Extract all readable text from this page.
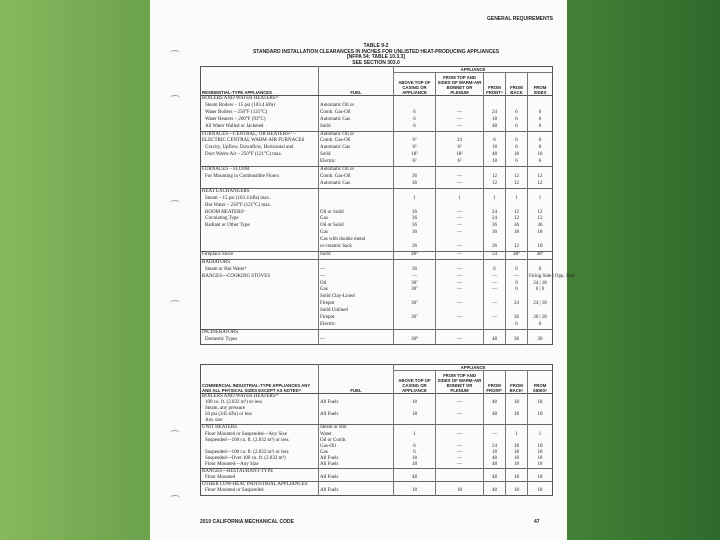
GENERAL REQUIREMENTS
TABLE 9-2
STANDARD INSTALLATION CLEARANCES IN INCHES FOR UNLISTED HEAT-PRODUCING APPLIANCES
[NFPA 54: TABLE 10.3.3]
SEE SECTION 303.0
RESIDENTIAL-TYPE APPLIANCES		APPLIANCE				
	FUEL	ABOVE TOP OF CASING OR APPLIANCE	FROM TOP AND SIDES OF WARM-AIR BONNET OR PLENUM	FROM FRONT⁹	FROM BACK	FROM SIDES
BOILERS AND WATER HEATERS¹¹						
Steam Boilers – 15 psi (103.4 kPa)	Automatic Oil or					
Water Boilers – 250°F (121°C)	Comb. Gas-Oil	6	—	24	6	6
Water Heaters – 200°F (93°C)	Automatic Gas	6	—	18	6	6
All Water Walled or Jacketed	Solid	6	—	48	6	6
FURNACES—CENTRAL; OR HEATERS¹¹ –	Automatic Oil or					
ELECTRIC CENTRAL WARM-AIR FURNACES	Comb. Gas-Oil	6²	24	6	6	6
Gravity, Upflow, Downflow, Horizontal and	Automatic Gas	6²	6²	18	6	6
Duct Warm-Air – 250°F (121°C) max.	Solid	18²	18²	48	18	18
	Electric	6²	6²	18	6	6
FURNACES – FLOOR	Automatic Oil or					
For Mounting in Combustible Floors	Comb. Gas-Oil	36	—	12	12	12
	Automatic Gas	36	—	12	12	12
HEAT EXCHANGERS						
Steam – 15 psi (103.4 kPa) max.		1	1	1	1	1
Hot Water – 250°F (121°C) max.						
ROOM HEATERS⁶	Oil or Solid	36	—	24	12	12
Circulating Type	Gas	36	—	24	12	12
Radiant or Other Type	Oil or Solid	36	—	36	36	36
	Gas	36	—	36	18	18
	Gas with double metal					
	or ceramic back	36	—	36	12	18
Fireplace Stove	Solid	48⁵	—	54	48⁵	48⁵
RADIATORS						
Steam or Hot Water⁶	—	36	—	6	6	6
RANGES—COOKING STOVES	—	—	—	—	—	Firing Side | Opp. Side
	Oil	30⁷	—	—	9	24 | 18
	Gas	30⁷	—	—	6	6 | 6
	Solid Clay-Lined					
	Firepot	30⁷	—	—	24	24 | 18
	Solid Unlined					
	Firepot	30⁷	—	—	36	36 | 18
	Electric				6	6
INCINERATORS						
Domestic Types	—	36⁸	—	48	36	36
COMMERCIAL INDUSTRIAL-TYPE APPLIANCES ANY AND ALL PHYSICAL SIZES EXCEPT AS NOTED¹¹		APPLIANCE				
	FUEL	ABOVE TOP OF CASING OR APPLIANCE	FROM TOP AND SIDES OF WARM-AIR BONNET OR PLENUM	FROM FRONT¹	FROM BACK¹	FROM SIDES¹
BOILERS AND WATER HEATERS¹¹						
100 cu. ft. (2.832 m³) or less	All Fuels	18	—	48	18	18
Steam, any pressure						
50 psi (345 kPa) or less	All Fuels	18	—	48	18	18
Any size						
UNIT HEATERS	Steam or Hot					
Floor Mounted or Suspended—Any Size	Water	1	—	—	1	1
Suspended—100 cu. ft. (2.832 m³) or less	Oil or Comb.					
	Gas-Oil	6	—	24	18	18
Suspended—100 cu. ft. (2.832 m³) or less	Gas	6	—	18	18	18
Suspended—Over 100 cu. ft. (2.832 m³)	All Fuels	18	—	48	18	18
Floor Mounted—Any Size	All Fuels	18	—	48	18	18
RANGES—RESTAURANT-TYPE						
Floor Mounted	All Fuels	48		48	18	18
OTHER LOW-HEAT INDUSTRIAL APPLIANCES						
Floor Mounted or Suspended	All Fuels	18	18	48	18	18
2010 CALIFORNIA MECHANICAL CODE	47
